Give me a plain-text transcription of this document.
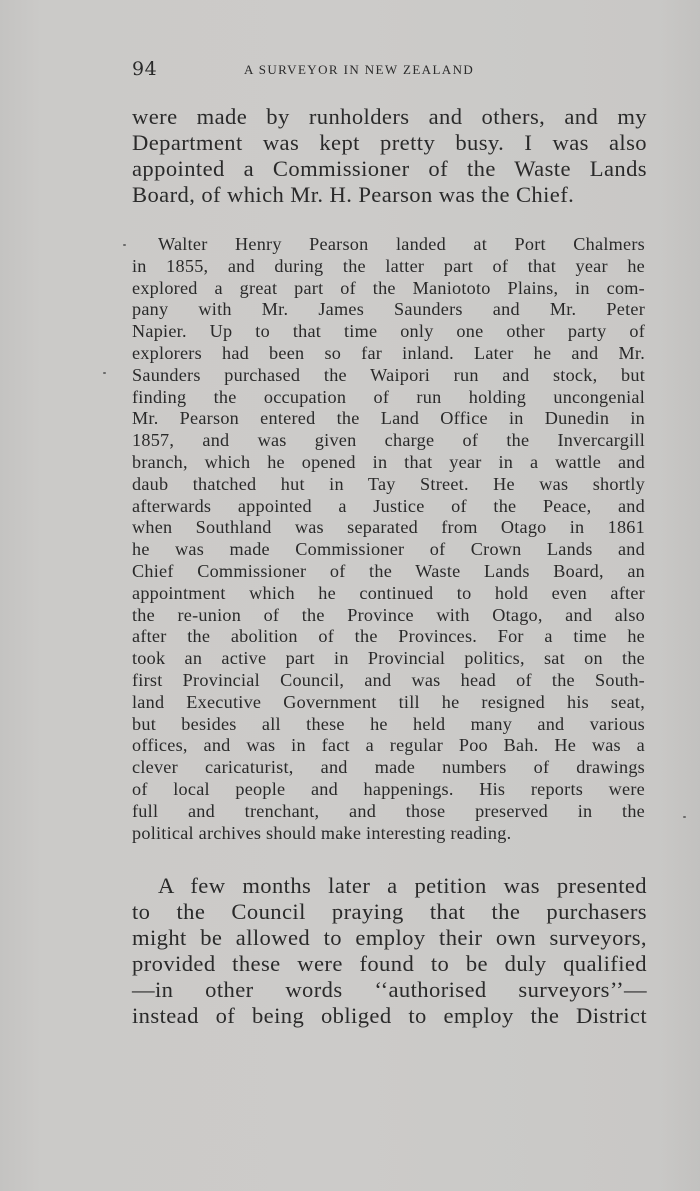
94	A SURVEYOR IN NEW ZEALAND
were made by runholders and others, and my
Department was kept pretty busy. I was also
appointed a Commissioner of the Waste Lands
Board, of which Mr. H. Pearson was the Chief.
Walter Henry Pearson landed at Port Chalmers
in 1855, and during the latter part of that year he
explored a great part of the Maniototo Plains, in com-
pany with Mr. James Saunders and Mr. Peter
Napier. Up to that time only one other party of
explorers had been so far inland. Later he and Mr.
Saunders purchased the Waipori run and stock, but
finding the occupation of run holding uncongenial
Mr. Pearson entered the Land Office in Dunedin in
1857, and was given charge of the Invercargill
branch, which he opened in that year in a wattle and
daub thatched hut in Tay Street. He was shortly
afterwards appointed a Justice of the Peace, and
when Southland was separated from Otago in 1861
he was made Commissioner of Crown Lands and
Chief Commissioner of the Waste Lands Board, an
appointment which he continued to hold even after
the re-union of the Province with Otago, and also
after the abolition of the Provinces. For a time he
took an active part in Provincial politics, sat on the
first Provincial Council, and was head of the South-
land Executive Government till he resigned his seat,
but besides all these he held many and various
offices, and was in fact a regular Poo Bah. He was a
clever caricaturist, and made numbers of drawings
of local people and happenings. His reports were
full and trenchant, and those preserved in the
political archives should make interesting reading.
A few months later a petition was presented
to the Council praying that the purchasers
might be allowed to employ their own surveyors,
provided these were found to be duly qualified
—in other words ‘‘authorised surveyors’’—
instead of being obliged to employ the District
